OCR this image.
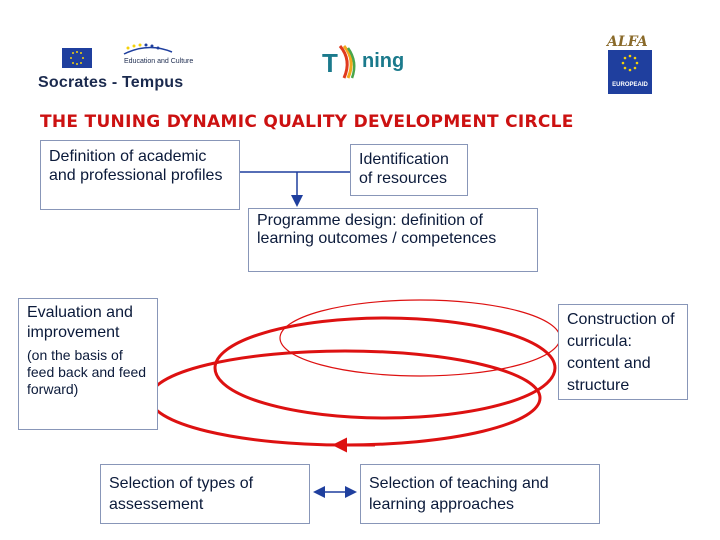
Education and Culture
Socrates - Tempus
T ning
ALFA
EUROPEAID
THE TUNING DYNAMIC QUALITY DEVELOPMENT CIRCLE
Definition of academic and professional profiles
Identification of resources
Programme design: definition of learning outcomes / competences
Evaluation and improvement
(on the basis of feed back and feed forward)
Construction of curricula: content and structure
Selection of types of assessement
Selection of teaching and learning approaches
